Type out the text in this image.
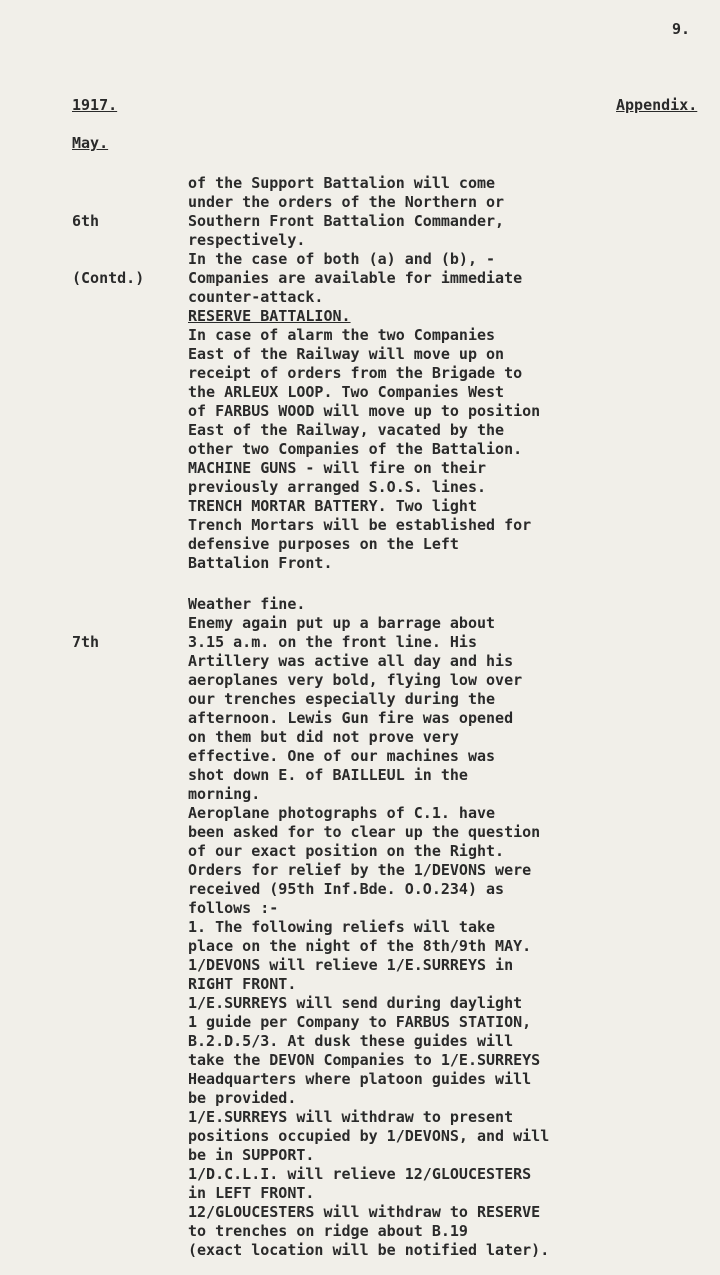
9.
1917.	Appendix.
May.

6th

(Contd.)

of the Support Battalion will come
under the orders of the Northern or
Southern Front Battalion Commander,
respectively.
In the case of both (a) and (b), -
Companies are available for immediate
counter-attack.
RESERVE BATTALION.
In case of alarm the two Companies
East of the Railway will move up on
receipt of orders from the Brigade to
the ARLEUX LOOP. Two Companies West
of FARBUS WOOD will move up to position
East of the Railway, vacated by the
other two Companies of the Battalion.
MACHINE GUNS - will fire on their
previously arranged S.O.S. lines.
TRENCH MORTAR BATTERY. Two light
Trench Mortars will be established for
defensive purposes on the Left
Battalion Front.

7th

Weather fine.
Enemy again put up a barrage about
3.15 a.m. on the front line. His
Artillery was active all day and his
aeroplanes very bold, flying low over
our trenches especially during the
afternoon. Lewis Gun fire was opened
on them but did not prove very
effective. One of our machines was
shot down E. of BAILLEUL in the
morning.
Aeroplane photographs of C.1. have
been asked for to clear up the question
of our exact position on the Right.
Orders for relief by the 1/DEVONS were
received (95th Inf.Bde. O.O.234) as
follows :-
1. The following reliefs will take
place on the night of the 8th/9th MAY.
1/DEVONS will relieve 1/E.SURREYS in
RIGHT FRONT.
1/E.SURREYS will send during daylight
1 guide per Company to FARBUS STATION,
B.2.D.5/3. At dusk these guides will
take the DEVON Companies to 1/E.SURREYS
Headquarters where platoon guides will
be provided.
1/E.SURREYS will withdraw to present
positions occupied by 1/DEVONS, and will
be in SUPPORT.
1/D.C.L.I. will relieve 12/GLOUCESTERS
in LEFT FRONT.
12/GLOUCESTERS will withdraw to RESERVE
to trenches on ridge about B.19
(exact location will be notified later).
